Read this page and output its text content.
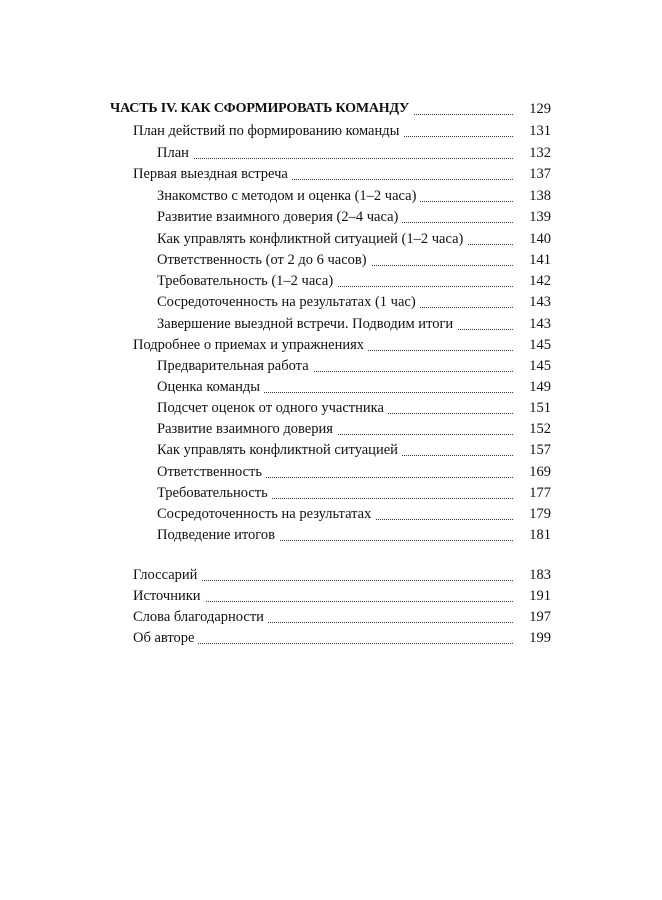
ЧАСТЬ IV. КАК СФОРМИРОВАТЬ КОМАНДУ	129
План действий по формированию команды	131
План	132
Первая выездная встреча	137
Знакомство с методом и оценка (1–2 часа)	138
Развитие взаимного доверия (2–4 часа)	139
Как управлять конфликтной ситуацией (1–2 часа)	140
Ответственность (от 2 до 6 часов)	141
Требовательность (1–2 часа)	142
Сосредоточенность на результатах (1 час)	143
Завершение выездной встречи. Подводим итоги	143
Подробнее о приемах и упражнениях	145
Предварительная работа	145
Оценка команды	149
Подсчет оценок от одного участника	151
Развитие взаимного доверия	152
Как управлять конфликтной ситуацией	157
Ответственность	169
Требовательность	177
Сосредоточенность на результатах	179
Подведение итогов	181
Глоссарий	183
Источники	191
Слова благодарности	197
Об авторе	199
